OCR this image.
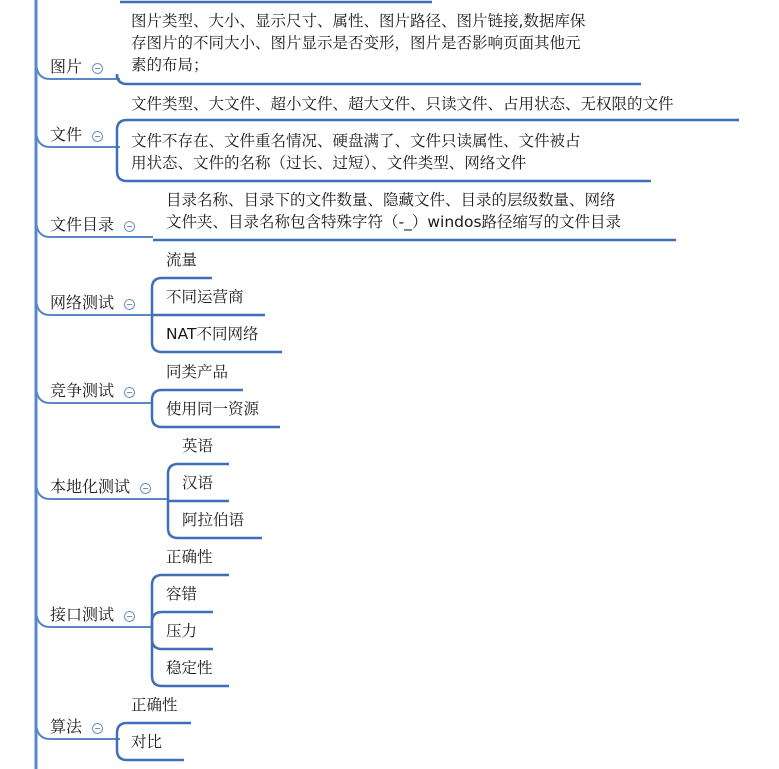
图片
图片类型、大小、显示尺寸、属性、图片路径、图片链接,数据库保
存图片的不同大小、图片显示是否变形，图片是否影响页面其他元
素的布局；
文件
文件类型、大文件、超小文件、超大文件、只读文件、占用状态、无权限的文件
文件不存在、文件重名情况、硬盘满了、文件只读属性、文件被占
用状态、文件的名称（过长、过短）、文件类型、网络文件
文件目录
目录名称、目录下的文件数量、隐藏文件、目录的层级数量、网络
文件夹、目录名称包含特殊字符（-_）windos路径缩写的文件目录
网络测试
流量
不同运营商
NAT不同网络
竞争测试
同类产品
使用同一资源
本地化测试
英语
汉语
阿拉伯语
接口测试
正确性
容错
压力
稳定性
算法
正确性
对比
